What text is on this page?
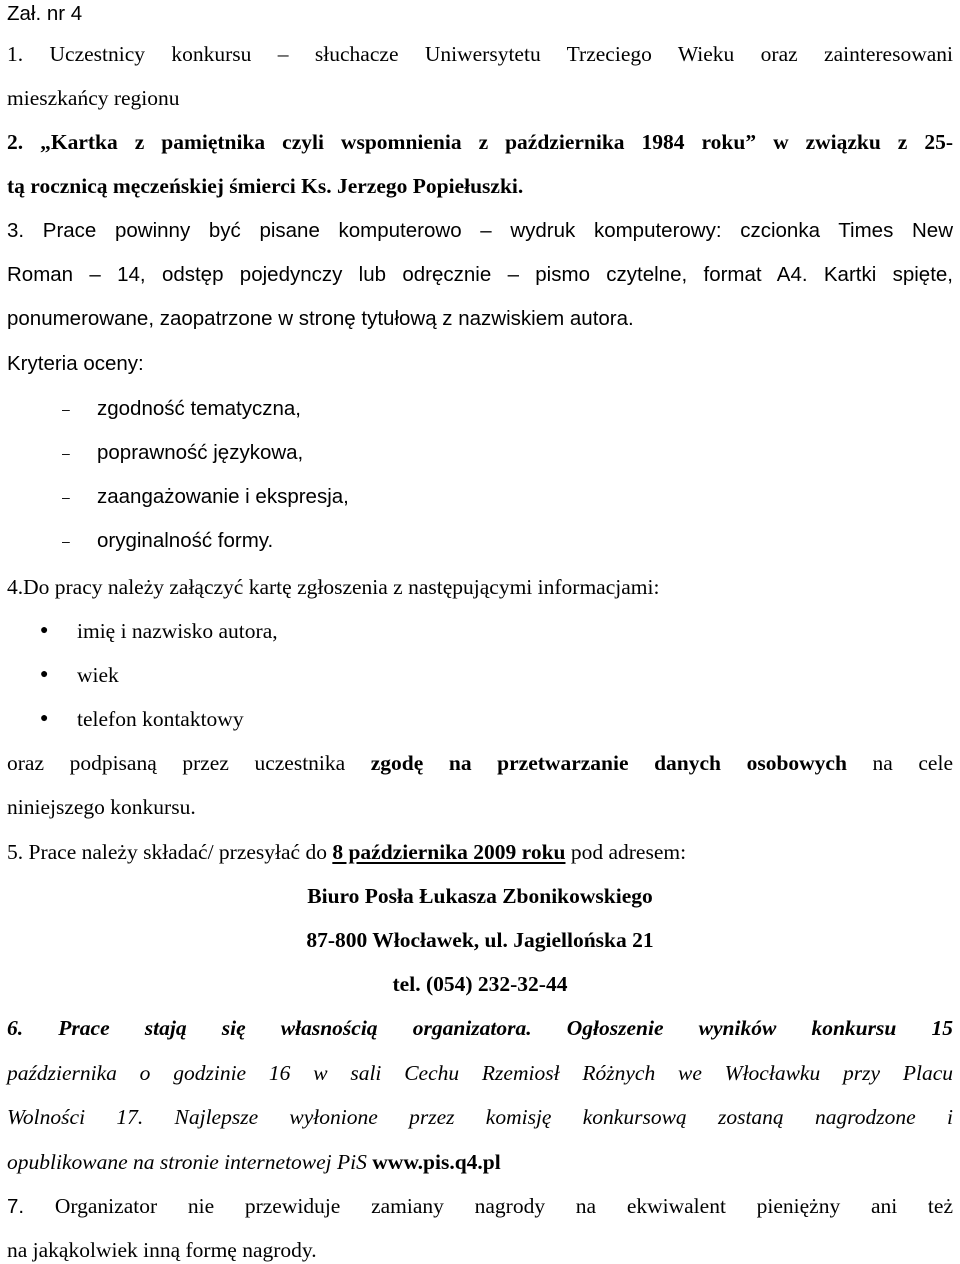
Zał. nr 4
1. Uczestnicy konkursu – słuchacze Uniwersytetu Trzeciego Wieku oraz zainteresowani
mieszkańcy regionu
2. „Kartka z pamiętnika czyli wspomnienia z października 1984 roku” w związku z 25-
tą rocznicą męczeńskiej śmierci Ks. Jerzego Popiełuszki.
3. Prace powinny być pisane komputerowo – wydruk komputerowy: czcionka Times New
Roman – 14, odstęp pojedynczy lub odręcznie – pismo czytelne, format A4. Kartki spięte,
ponumerowane, zaopatrzone w stronę tytułową z nazwiskiem autora.
Kryteria oceny:
– zgodność tematyczna,
– poprawność językowa,
– zaangażowanie i ekspresja,
– oryginalność formy.
4.Do pracy należy załączyć kartę zgłoszenia z następującymi informacjami:
● imię i nazwisko autora,
● wiek
● telefon kontaktowy
oraz podpisaną przez uczestnika zgodę na przetwarzanie danych osobowych na cele
niniejszego konkursu.
5. Prace należy składać/ przesyłać do 8 października 2009 roku pod adresem:
Biuro Posła Łukasza Zbonikowskiego
87-800 Włocławek, ul. Jagiellońska 21
tel. (054) 232-32-44
6. Prace stają się własnością organizatora. Ogłoszenie wyników konkursu 15
października o godzinie 16 w sali Cechu Rzemiosł Różnych we Włocławku przy Placu
Wolności 17. Najlepsze wyłonione przez komisję konkursową zostaną nagrodzone i
opublikowane na stronie internetowej PiS www.pis.q4.pl
7. Organizator nie przewiduje zamiany nagrody na ekwiwalent pieniężny ani też
na jakąkolwiek inną formę nagrody.
